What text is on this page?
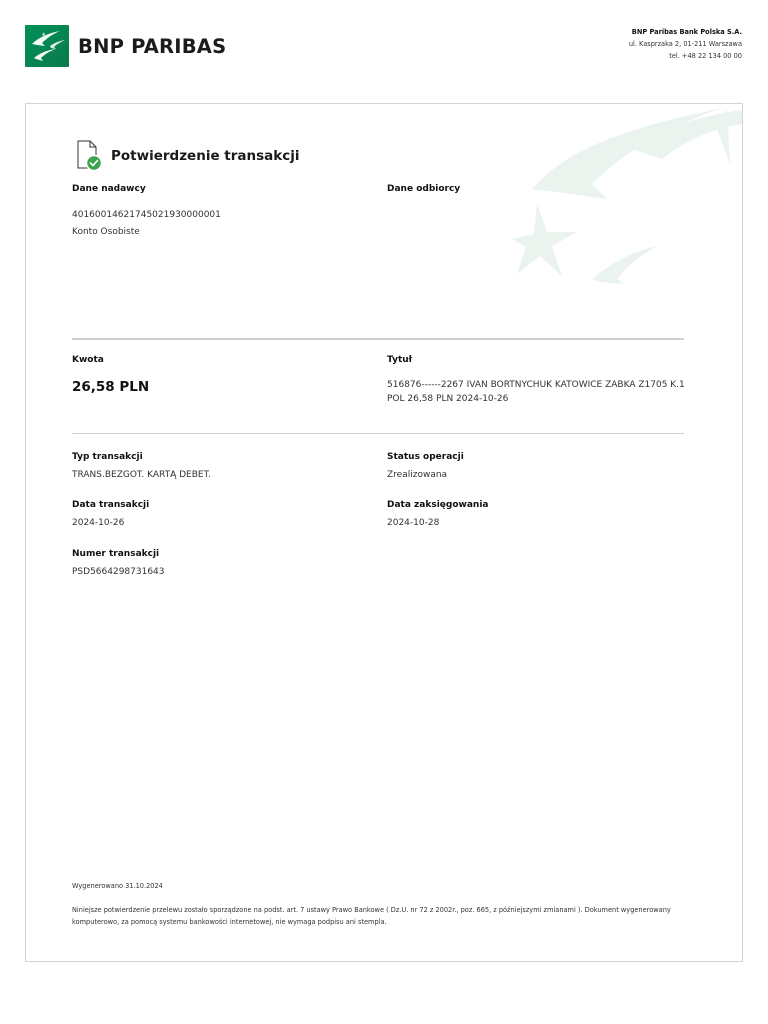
BNP PARIBAS
BNP Paribas Bank Polska S.A.
ul. Kasprzaka 2, 01-211 Warszawa
tel. +48 22 134 00 00
Potwierdzenie transakcji
Dane nadawcy
40160014621745021930000001
Konto Osobiste
Dane odbiorcy
Kwota
26,58 PLN
Tytuł
516876------2267 IVAN BORTNYCHUK KATOWICE ZABKA Z1705 K.1 POL 26,58 PLN 2024-10-26
Typ transakcji
TRANS.BEZGOT. KARTĄ DEBET.
Status operacji
Zrealizowana
Data transakcji
2024-10-26
Data zaksięgowania
2024-10-28
Numer transakcji
PSD5664298731643
Wygenerowano 31.10.2024
Niniejsze potwierdzenie przelewu zostało sporządzone na podst. art. 7 ustawy Prawo Bankowe ( Dz.U. nr 72 z 2002r., poz. 665, z późniejszymi zmianami ). Dokument wygenerowany komputerowo, za pomocą systemu bankowości internetowej, nie wymaga podpisu ani stempla.
